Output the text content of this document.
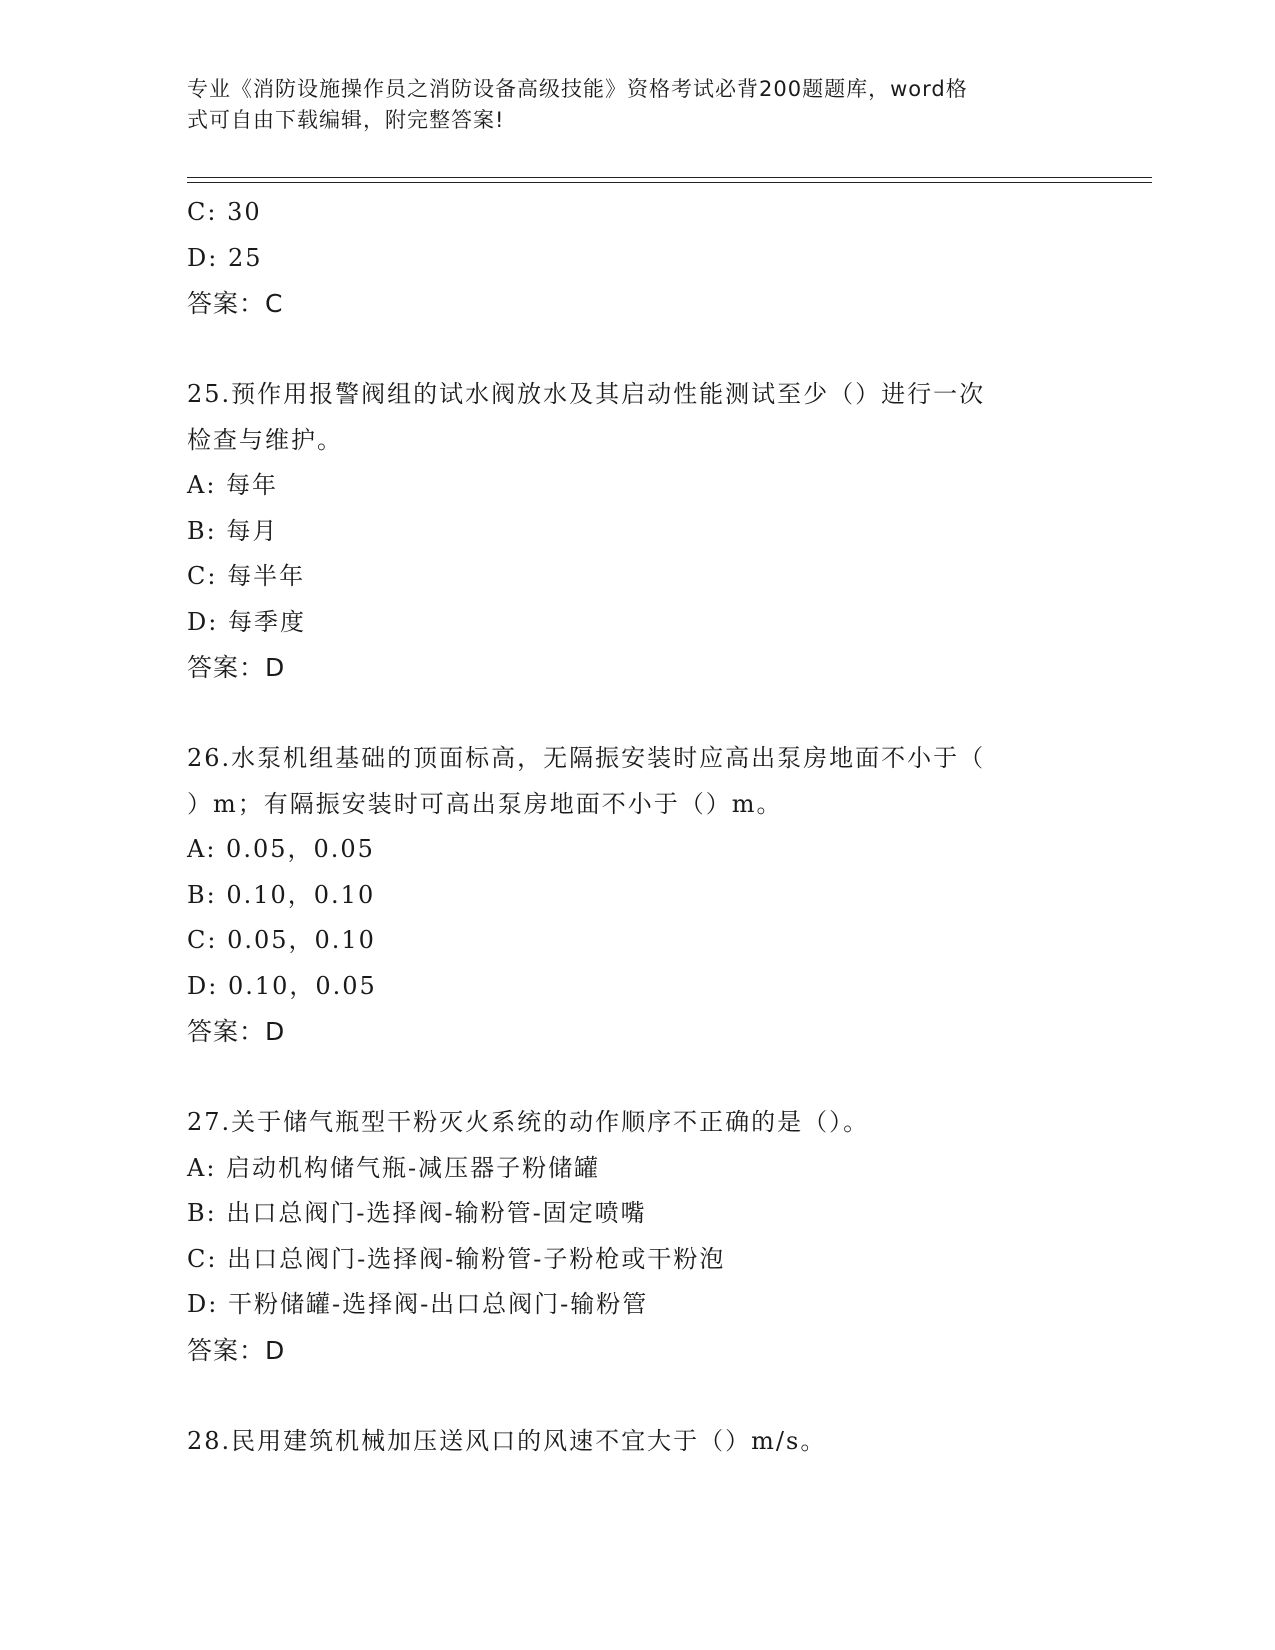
专业《消防设施操作员之消防设备高级技能》资格考试必背200题题库，word格
式可自由下载编辑，附完整答案!
C: 30
D: 25
答案：C
25.预作用报警阀组的试水阀放水及其启动性能测试至少（）进行一次
检查与维护。
A: 每年
B: 每月
C: 每半年
D: 每季度
答案：D
26.水泵机组基础的顶面标高，无隔振安装时应高出泵房地面不小于（
）m；有隔振安装时可高出泵房地面不小于（）m。
A: 0.05，0.05
B: 0.10，0.10
C: 0.05，0.10
D: 0.10，0.05
答案：D
27.关于储气瓶型干粉灭火系统的动作顺序不正确的是（）。
A: 启动机构储气瓶-减压器子粉储罐
B: 出口总阀门-选择阀-输粉管-固定喷嘴
C: 出口总阀门-选择阀-输粉管-子粉枪或干粉泡
D: 干粉储罐-选择阀-出口总阀门-输粉管
答案：D
28.民用建筑机械加压送风口的风速不宜大于（）m/s。
